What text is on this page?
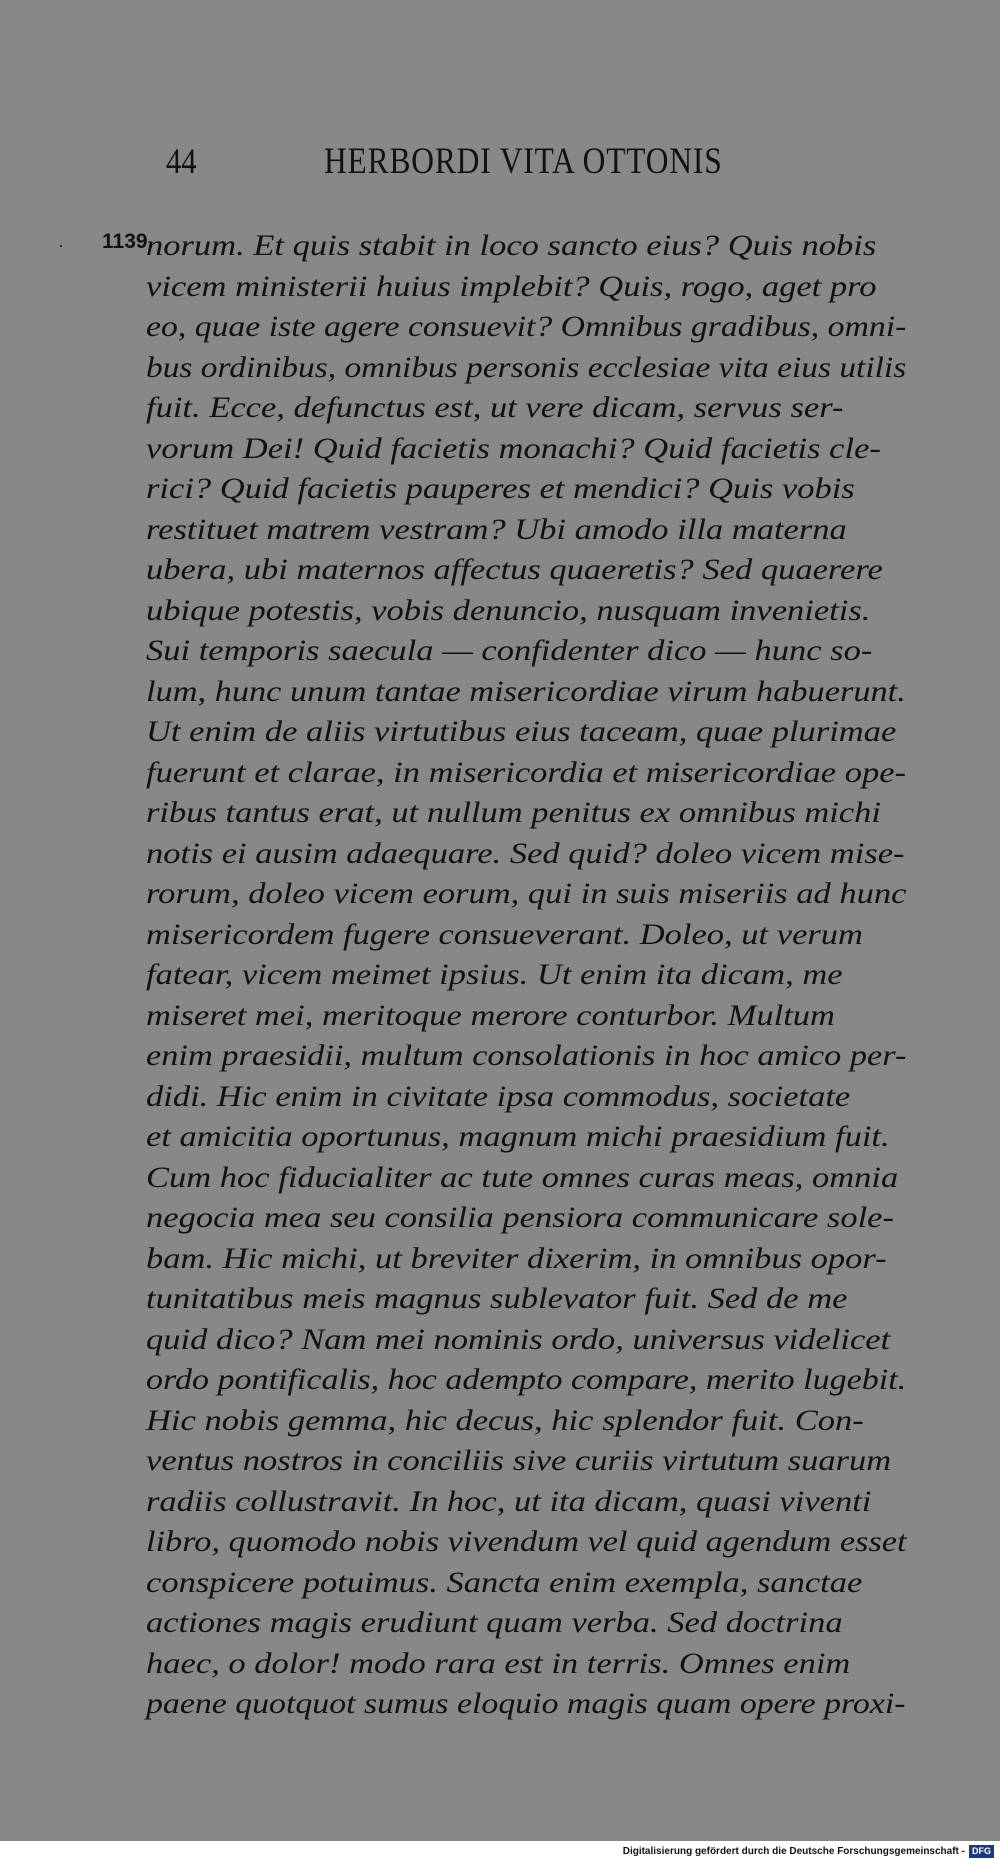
44	HERBORDI VITA OTTONIS
· 1139.
norum. Et quis stabit in loco sancto eius? Quis nobis
vicem ministerii huius implebit? Quis, rogo, aget pro
eo, quae iste agere consuevit? Omnibus gradibus, omni-
bus ordinibus, omnibus personis ecclesiae vita eius utilis
fuit. Ecce, defunctus est, ut vere dicam, servus ser-
vorum Dei! Quid facietis monachi? Quid facietis cle-
rici? Quid facietis pauperes et mendici? Quis vobis
restituet matrem vestram? Ubi amodo illa materna
ubera, ubi maternos affectus quaeretis? Sed quaerere
ubique potestis, vobis denuncio, nusquam invenietis.
Sui temporis saecula — confidenter dico — hunc so-
lum, hunc unum tantae misericordiae virum habuerunt.
Ut enim de aliis virtutibus eius taceam, quae plurimae
fuerunt et clarae, in misericordia et misericordiae ope-
ribus tantus erat, ut nullum penitus ex omnibus michi
notis ei ausim adaequare. Sed quid? doleo vicem mise-
rorum, doleo vicem eorum, qui in suis miseriis ad hunc
misericordem fugere consueverant. Doleo, ut verum
fatear, vicem meimet ipsius. Ut enim ita dicam, me
miseret mei, meritoque merore conturbor. Multum
enim praesidii, multum consolationis in hoc amico per-
didi. Hic enim in civitate ipsa commodus, societate
et amicitia oportunus, magnum michi praesidium fuit.
Cum hoc fiducialiter ac tute omnes curas meas, omnia
negocia mea seu consilia pensiora communicare sole-
bam. Hic michi, ut breviter dixerim, in omnibus opor-
tunitatibus meis magnus sublevator fuit. Sed de me
quid dico? Nam mei nominis ordo, universus videlicet
ordo pontificalis, hoc adempto compare, merito lugebit.
Hic nobis gemma, hic decus, hic splendor fuit. Con-
ventus nostros in conciliis sive curiis virtutum suarum
radiis collustravit. In hoc, ut ita dicam, quasi viventi
libro, quomodo nobis vivendum vel quid agendum esset
conspicere potuimus. Sancta enim exempla, sanctae
actiones magis erudiunt quam verba. Sed doctrina
haec, o dolor! modo rara est in terris. Omnes enim
paene quotquot sumus eloquio magis quam opere proxi-
Digitalisierung gefördert durch die Deutsche Forschungsgemeinschaft - DFG
